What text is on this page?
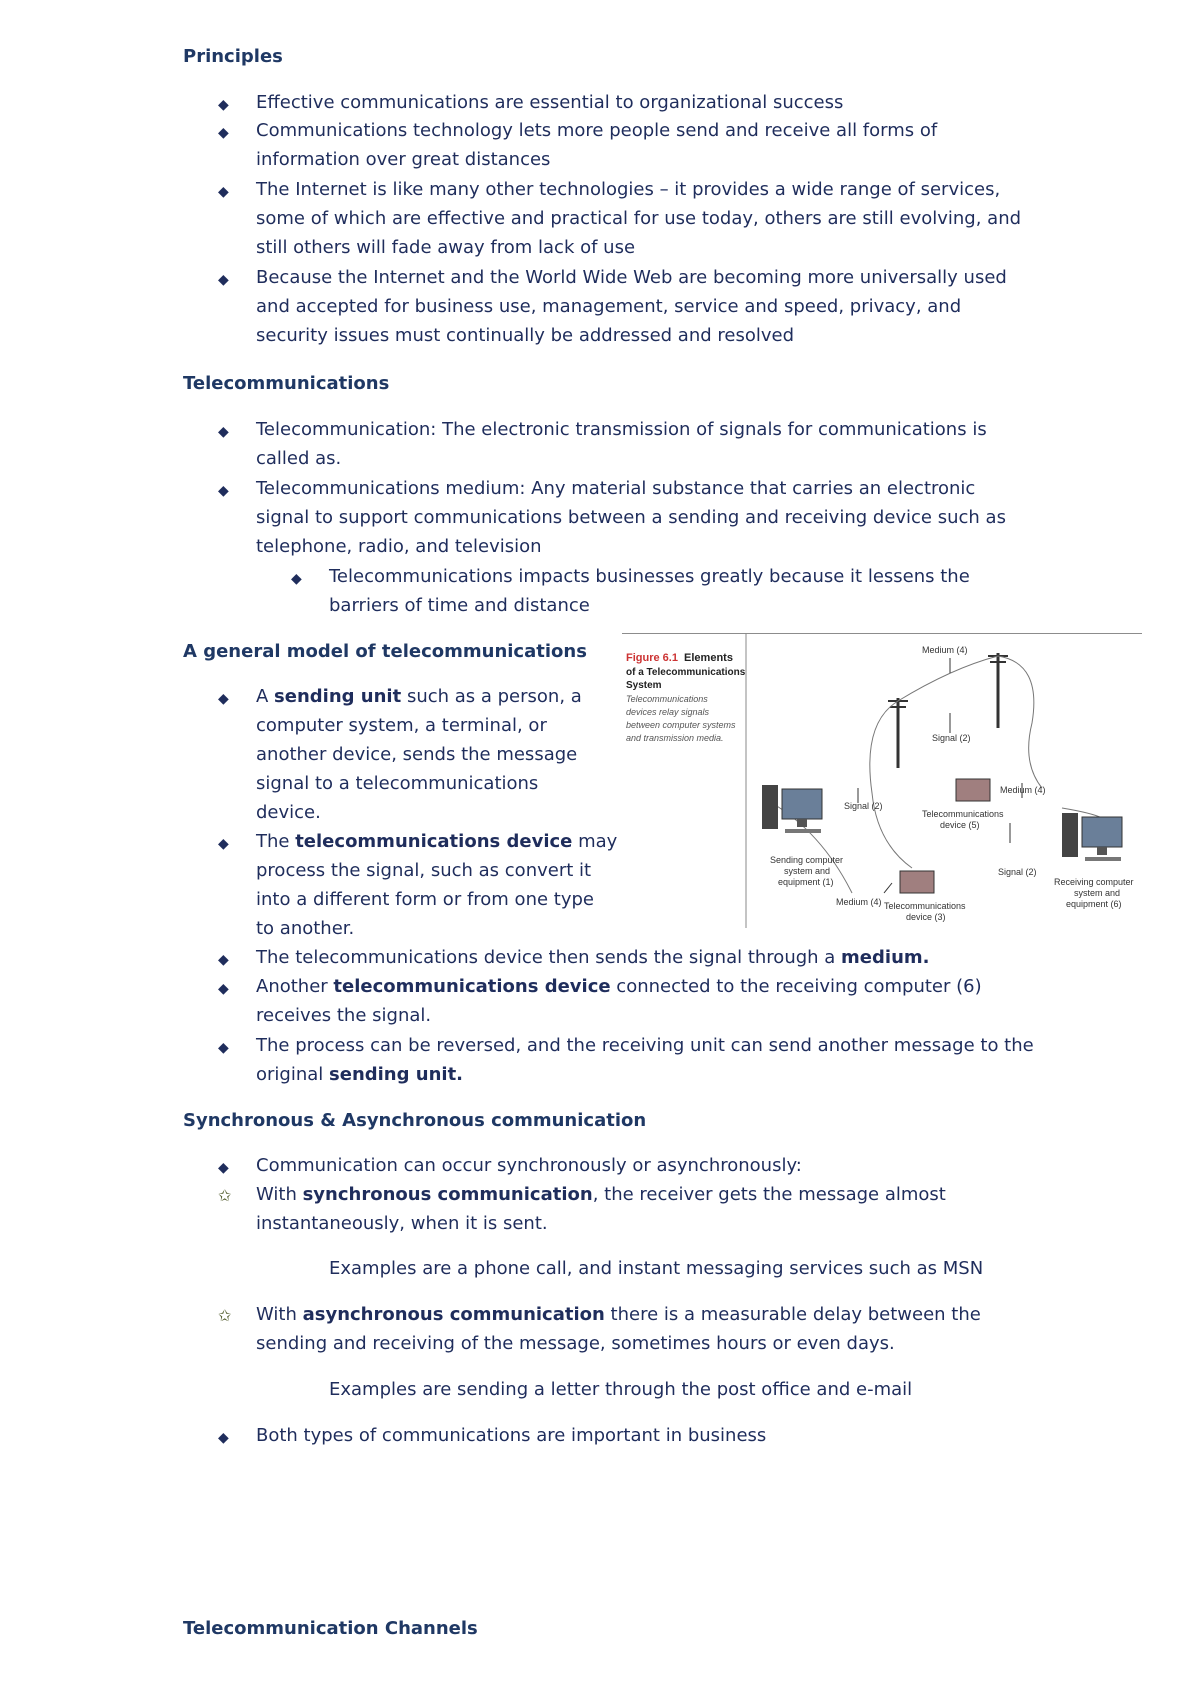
Principles
◆ Effective communications are essential to organizational success
◆ Communications technology lets more people send and receive all forms of
information over great distances
◆ The Internet is like many other technologies – it provides a wide range of services,
some of which are effective and practical for use today, others are still evolving, and
still others will fade away from lack of use
◆ Because the Internet and the World Wide Web are becoming more universally used
and accepted for business use, management, service and speed, privacy, and
security issues must continually be addressed and resolved
Telecommunications
◆ Telecommunication: The electronic transmission of signals for communications is
called as.
◆ Telecommunications medium: Any material substance that carries an electronic
signal to support communications between a sending and receiving device such as
telephone, radio, and television
◆ Telecommunications impacts businesses greatly because it lessens the
barriers of time and distance
A general model of telecommunications
◆ A sending unit such as a person, a
computer system, a terminal, or
another device, sends the message
signal to a telecommunications
device.
◆ The telecommunications device may
process the signal, such as convert it
into a different form or from one type
to another.
◆ The telecommunications device then sends the signal through a medium.
◆ Another telecommunications device connected to the receiving computer (6)
receives the signal.
◆ The process can be reversed, and the receiving unit can send another message to the
original sending unit.
Synchronous & Asynchronous communication
◆ Communication can occur synchronously or asynchronously:
✩ With synchronous communication, the receiver gets the message almost
instantaneously, when it is sent.
Examples are a phone call, and instant messaging services such as MSN
✩ With asynchronous communication there is a measurable delay between the
sending and receiving of the message, sometimes hours or even days.
Examples are sending a letter through the post office and e-mail
◆ Both types of communications are important in business
Telecommunication Channels
Figure 6.1 Elements
of a Telecommunications
System
Telecommunications
devices relay signals
between computer systems
and transmission media.
Medium (4)
Signal (2)
Signal (2)
Medium (4)
Telecommunications
device (5)
Signal (2)
Sending computer
system and
equipment (1)
Medium (4) Telecommunications
device (3)
Receiving computer
system and
equipment (6)
